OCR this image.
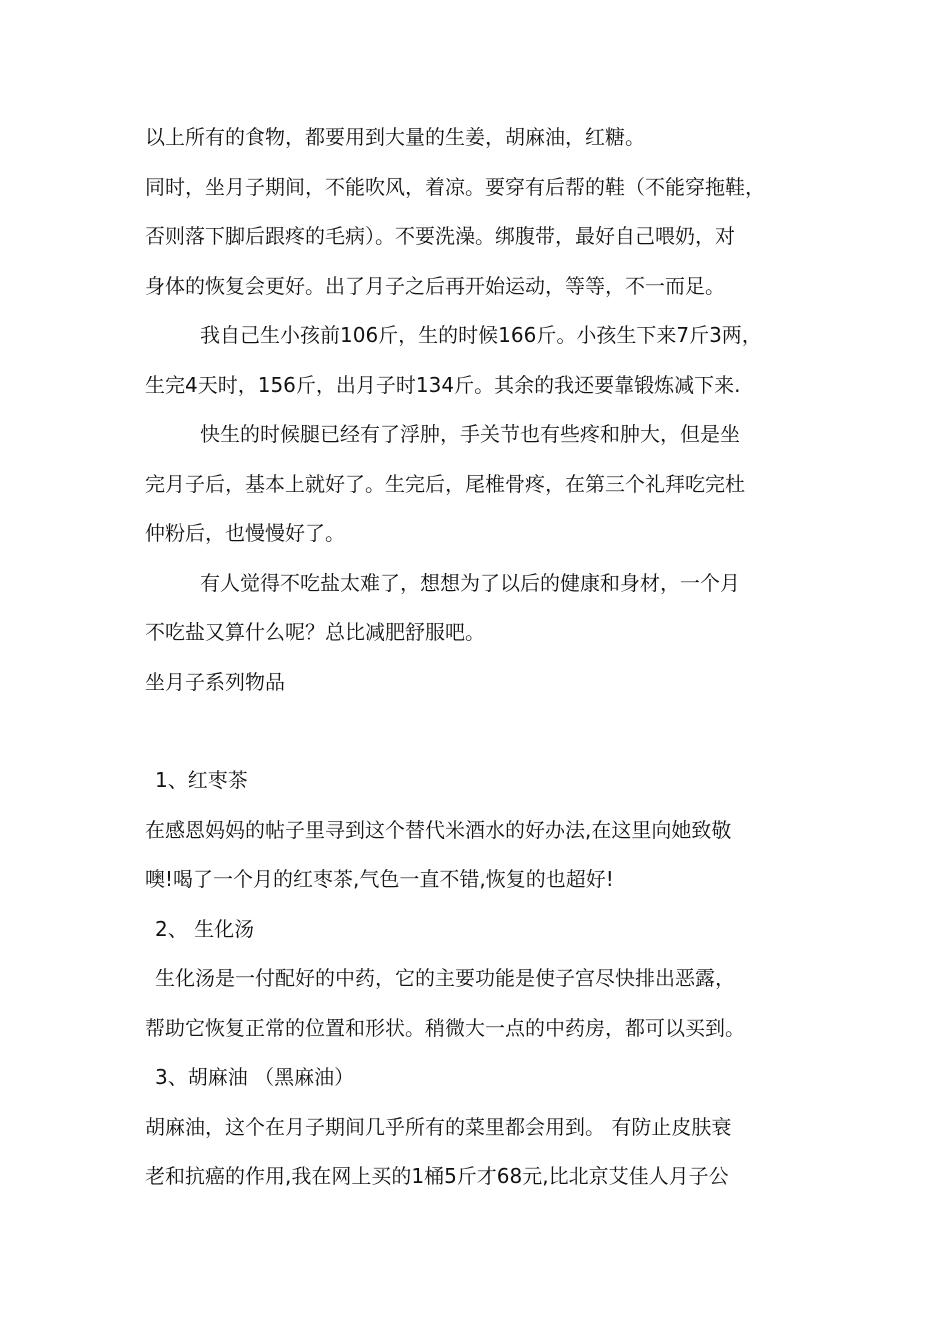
以上所有的食物，都要用到大量的生姜，胡麻油，红糖。

同时，坐月子期间，不能吹风，着凉。要穿有后帮的鞋（不能穿拖鞋，

否则落下脚后跟疼的毛病）。不要洗澡。绑腹带，最好自己喂奶，对

身体的恢复会更好。出了月子之后再开始运动，等等，不一而足。

我自己生小孩前106斤，生的时候166斤。小孩生下来7斤3两，

生完4天时，156斤，出月子时134斤。其余的我还要靠锻炼减下来.

快生的时候腿已经有了浮肿，手关节也有些疼和肿大，但是坐

完月子后，基本上就好了。生完后，尾椎骨疼，在第三个礼拜吃完杜

仲粉后，也慢慢好了。

有人觉得不吃盐太难了，想想为了以后的健康和身材，一个月

不吃盐又算什么呢？总比减肥舒服吧。

坐月子系列物品

1、红枣茶

在感恩妈妈的帖子里寻到这个替代米酒水的好办法,在这里向她致敬

噢!喝了一个月的红枣茶,气色一直不错,恢复的也超好!

2、 生化汤

生化汤是一付配好的中药，它的主要功能是使子宫尽快排出恶露，

帮助它恢复正常的位置和形状。稍微大一点的中药房，都可以买到。

3、胡麻油 （黑麻油）

胡麻油，这个在月子期间几乎所有的菜里都会用到。 有防止皮肤衰

老和抗癌的作用,我在网上买的1桶5斤才68元,比北京艾佳人月子公
